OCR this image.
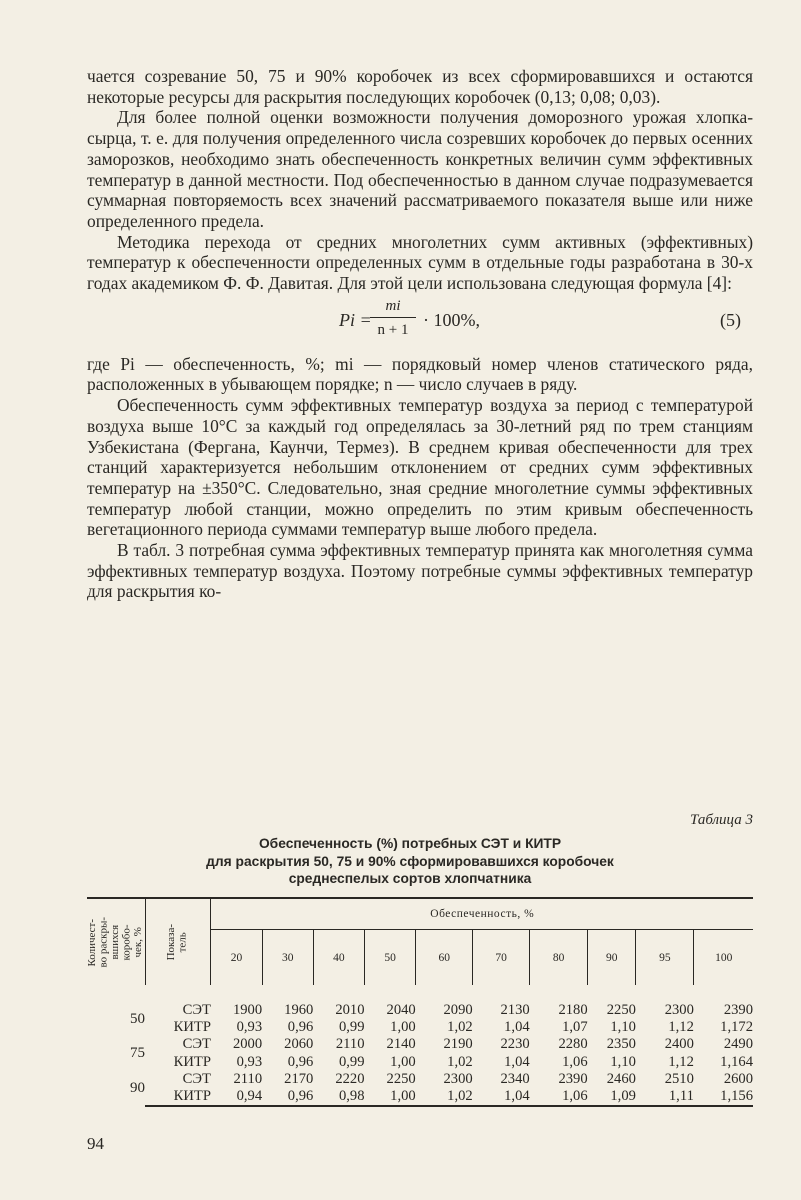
чается созревание 50, 75 и 90% коробочек из всех сформировавшихся и остаются некоторые ресурсы для раскрытия последующих коробочек (0,13; 0,08; 0,03).

Для более полной оценки возможности получения доморозного урожая хлопка-сырца, т. е. для получения определенного числа созревших коробочек до первых осенних заморозков, необходимо знать обеспеченность конкретных величин сумм эффективных температур в данной местности. Под обеспеченностью в данном случае подразумевается суммарная повторяемость всех значений рассматриваемого показателя выше или ниже определенного предела.

Методика перехода от средних многолетних сумм активных (эффективных) температур к обеспеченности определенных сумм в отдельные годы разработана в 30-х годах академиком Ф. Ф. Давитая. Для этой цели использована следующая формула [4]:

Pi =
$\frac{mi}{n + 1} \cdot 100\%$,	(5)

где Pi — обеспеченность, %; mi — порядковый номер членов статического ряда, расположенных в убывающем порядке; n — число случаев в ряду.

Обеспеченность сумм эффективных температур воздуха за период с температурой воздуха выше 10°С за каждый год определялась за 30-летний ряд по трем станциям Узбекистана (Фергана, Каунчи, Термез). В среднем кривая обеспеченности для трех станций характеризуется небольшим отклонением от средних сумм эффективных температур на ±350°С. Следовательно, зная средние многолетние суммы эффективных температур любой станции, можно определить по этим кривым обеспеченность вегетационного периода суммами температур выше любого предела.

В табл. 3 потребная сумма эффективных температур принята как многолетняя сумма эффективных температур воздуха. Поэтому потребные суммы эффективных температур для раскрытия ко-

Таблица 3
Обеспеченность (%) потребных СЭТ и КИТР
для раскрытия 50, 75 и 90% сформировавшихся коробочек
среднеспелых сортов хлопчатника
Количест-
во раскры-
вшихся
коробо-
чек, %	Показа-
тель	Обеспеченность, %									
		20	30	40	50	60	70	80	90	95	100

50	СЭТ	1900	1960	2010	2040	2090	2130	2180	2250	2300	2390
	КИТР	0,93	0,96	0,99	1,00	1,02	1,04	1,07	1,10	1,12	1,172
75	СЭТ	2000	2060	2110	2140	2190	2230	2280	2350	2400	2490
	КИТР	0,93	0,96	0,99	1,00	1,02	1,04	1,06	1,10	1,12	1,164
90	СЭТ	2110	2170	2220	2250	2300	2340	2390	2460	2510	2600
	КИТР	0,94	0,96	0,98	1,00	1,02	1,04	1,06	1,09	1,11	1,156
94
